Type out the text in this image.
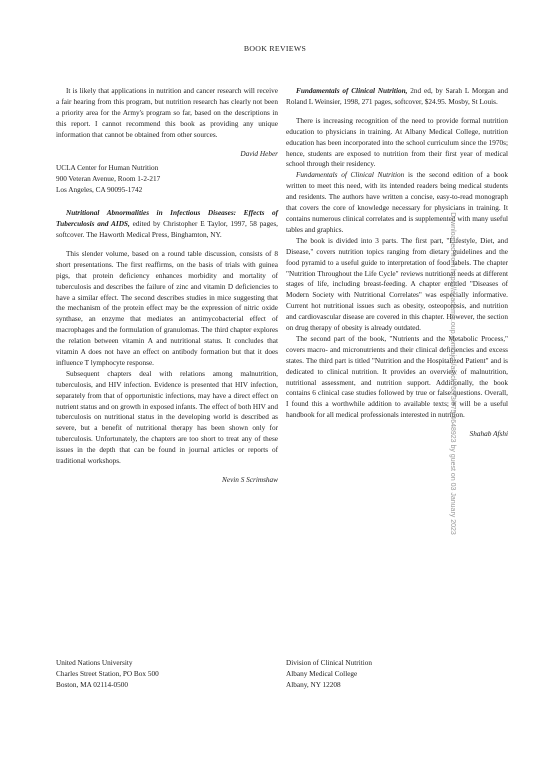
BOOK REVIEWS

It is likely that applications in nutrition and cancer research will receive a fair hearing from this program, but nutrition research has clearly not been a priority area for the Army's program so far, based on the descriptions in this report. I cannot recommend this book as providing any unique information that cannot be obtained from other sources.

David Heber
UCLA Center for Human Nutrition
900 Veteran Avenue, Room 1-2-217
Los Angeles, CA 90095-1742

Nutritional Abnormalities in Infectious Diseases: Effects of Tuberculosis and AIDS, edited by Christopher E Taylor, 1997, 58 pages, softcover. The Haworth Medical Press, Binghamton, NY.

This slender volume, based on a round table discussion, consists of 8 short presentations. The first reaffirms, on the basis of trials with guinea pigs, that protein deficiency enhances morbidity and mortality of tuberculosis and describes the failure of zinc and vitamin D deficiencies to have a similar effect. The second describes studies in mice suggesting that the mechanism of the protein effect may be the expression of nitric oxide synthase, an enzyme that mediates an antimycobacterial effect of macrophages and the formulation of granulomas. The third chapter explores the relation between vitamin A and nutritional status. It concludes that vitamin A does not have an effect on antibody formation but that it does influence T lymphocyte response.

Subsequent chapters deal with relations among malnutrition, tuberculosis, and HIV infection. Evidence is presented that HIV infection, separately from that of opportunistic infections, may have a direct effect on nutrient status and on growth in exposed infants. The effect of both HIV and tuberculosis on nutritional status in the developing world is described as severe, but a benefit of nutritional therapy has been shown only for tuberculosis. Unfortunately, the chapters are too short to treat any of these issues in the depth that can be found in journal articles or reports of traditional workshops.

Nevin S Scrimshaw
United Nations University
Charles Street Station, PO Box 500
Boston, MA 02114-0500

Fundamentals of Clinical Nutrition, 2nd ed, by Sarah L Morgan and Roland L Weinsier, 1998, 271 pages, softcover, $24.95. Mosby, St Louis.

There is increasing recognition of the need to provide formal nutrition education to physicians in training. At Albany Medical College, nutrition education has been incorporated into the school curriculum since the 1970s; hence, students are exposed to nutrition from their first year of medical school through their residency.

Fundamentals of Clinical Nutrition is the second edition of a book written to meet this need, with its intended readers being medical students and residents. The authors have written a concise, easy-to-read monograph that covers the core of knowledge necessary for physicians in training. It contains numerous clinical correlates and is supplemented with many useful tables and graphics.

The book is divided into 3 parts. The first part, "Lifestyle, Diet, and Disease," covers nutrition topics ranging from dietary guidelines and the food pyramid to a useful guide to interpretation of food labels. The chapter "Nutrition Throughout the Life Cycle" reviews nutritional needs at different stages of life, including breast-feeding. A chapter entitled "Diseases of Modern Society with Nutritional Correlates" was especially informative. Current hot nutritional issues such as obesity, osteoporosis, and nutrition and cardiovascular disease are covered in this chapter. However, the section on drug therapy of obesity is already outdated.

The second part of the book, "Nutrients and the Metabolic Process," covers macro- and micronutrients and their clinical deficiencies and excess states. The third part is titled "Nutrition and the Hospitalized Patient" and is dedicated to clinical nutrition. It provides an overview of malnutrition, nutritional assessment, and nutrition support. Additionally, the book contains 6 clinical case studies followed by true or false questions. Overall, I found this a worthwhile addition to available texts; it will be a useful handbook for all medical professionals interested in nutrition.

Shahab Afshi
Division of Clinical Nutrition
Albany Medical College
Albany, NY 12208
Downloaded from https://academic.oup.com/ajcn/article/68/3/675/4648923 by guest on 03 January 2023
